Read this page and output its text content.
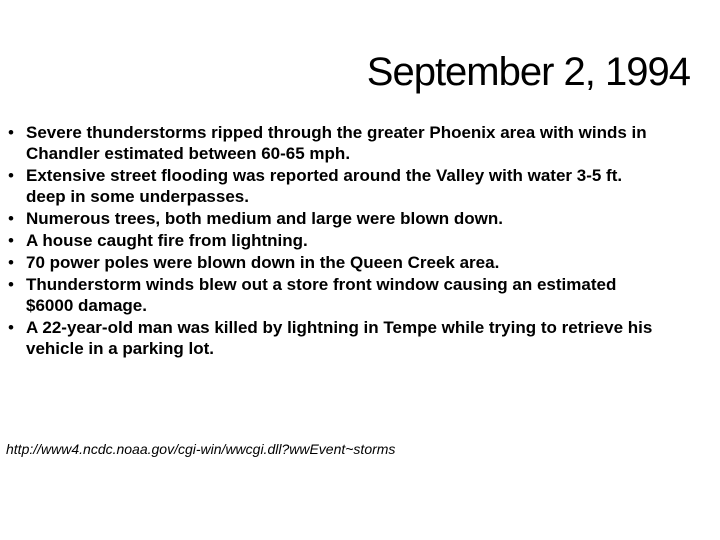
September 2, 1994
• Severe thunderstorms ripped through the greater Phoenix area with winds in Chandler estimated between 60-65 mph.
• Extensive street flooding was reported around the Valley with water 3-5 ft. deep in some underpasses.
• Numerous trees, both medium and large were blown down.
• A house caught fire from lightning.
• 70 power poles were blown down in the Queen Creek area.
• Thunderstorm winds blew out a store front window causing an estimated $6000 damage.
• A 22-year-old man was killed by lightning in Tempe while trying to retrieve his vehicle in a parking lot.

http://www4.ncdc.noaa.gov/cgi-win/wwcgi.dll?wwEvent~storms
